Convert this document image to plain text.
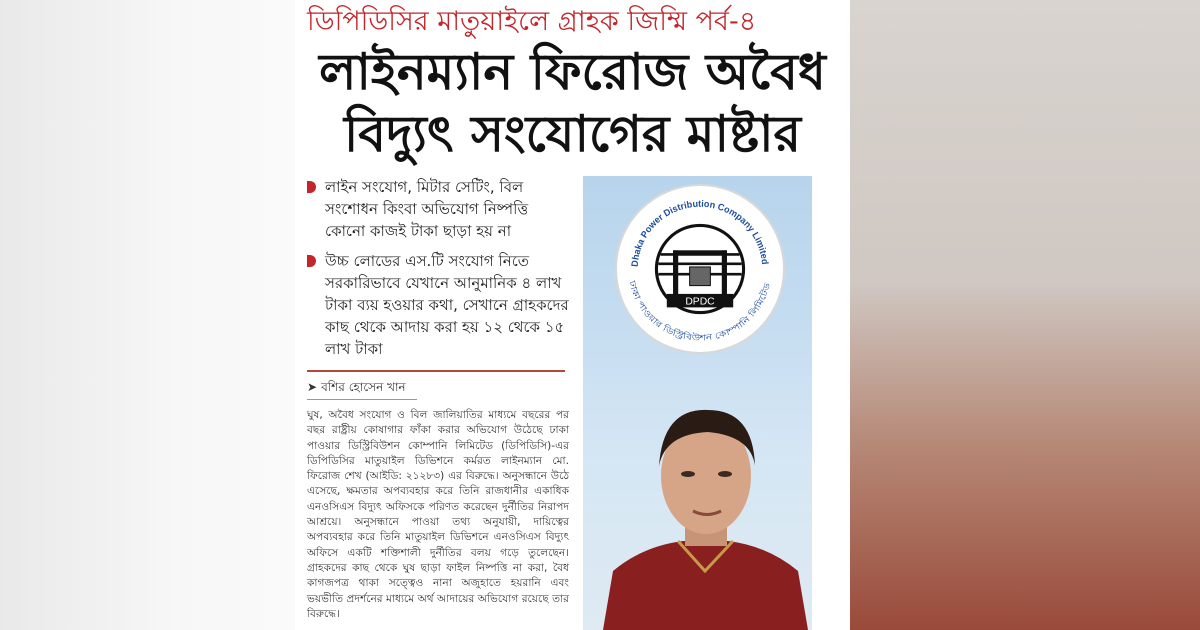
ডিপিডিসির মাতুয়াইলে গ্রাহক জিম্মি পর্ব-৪
লাইনম্যান ফিরোজ অবৈধ
বিদ্যুৎ সংযোগের মাষ্টার
লাইন সংযোগ, মিটার সেটিং, বিল সংশোধন কিংবা অভিযোগ নিষ্পত্তি কোনো কাজই টাকা ছাড়া হয় না
উচ্চ লোডের এস.টি সংযোগ নিতে সরকারিভাবে যেখানে আনুমানিক ৪ লাখ টাকা ব্যয় হওয়ার কথা, সেখানে গ্রাহকদের কাছ থেকে আদায় করা হয় ১২ থেকে ১৫ লাখ টাকা
➤ বশির হোসেন খান
ঘুষ, অবৈধ সংযোগ ও বিল জালিয়াতির মাধ্যমে বছরের পর বছর রাষ্ট্রীয় কোষাগার ফাঁকা করার অভিযোগ উঠেছে ঢাকা পাওয়ার ডিস্ট্রিবিউশন কোম্পানি লিমিটেড (ডিপিডিসি)-এর ডিপিডিসির মাতুয়াইল ডিভিশনে কর্মরত লাইনম্যান মো. ফিরোজ শেখ (আইডি: ২১২৮৩) এর বিরুদ্ধে। অনুসন্ধানে উঠে এসেছে, ক্ষমতার অপব্যবহার করে তিনি রাজধানীর একাধিক এনওসিএস বিদ্যুৎ অফিসকে পরিণত করেছেন দুর্নীতির নিরাপদ আশ্রয়ে। অনুসন্ধানে পাওয়া তথ্য অনুযায়ী, দায়িত্বের অপব্যবহার করে তিনি মাতুয়াইল ডিভিশনে এনওসিএস বিদ্যুৎ অফিসে একটি শক্তিশালী দুর্নীতির বলয় গড়ে তুলেছেন। গ্রাহকদের কাছ থেকে ঘুষ ছাড়া ফাইল নিষ্পত্তি না করা, বৈধ কাগজপত্র থাকা সত্ত্বেও নানা অজুহাতে হয়রানি এবং ভয়ভীতি প্রদর্শনের মাধ্যমে অর্থ আদায়ের অভিযোগ রয়েছে তার বিরুদ্ধে।
DPDC
Dhaka Power Distribution Company Limited
ঢাকা পাওয়ার ডিস্ট্রিবিউশন কোম্পানি লিমিটেড
